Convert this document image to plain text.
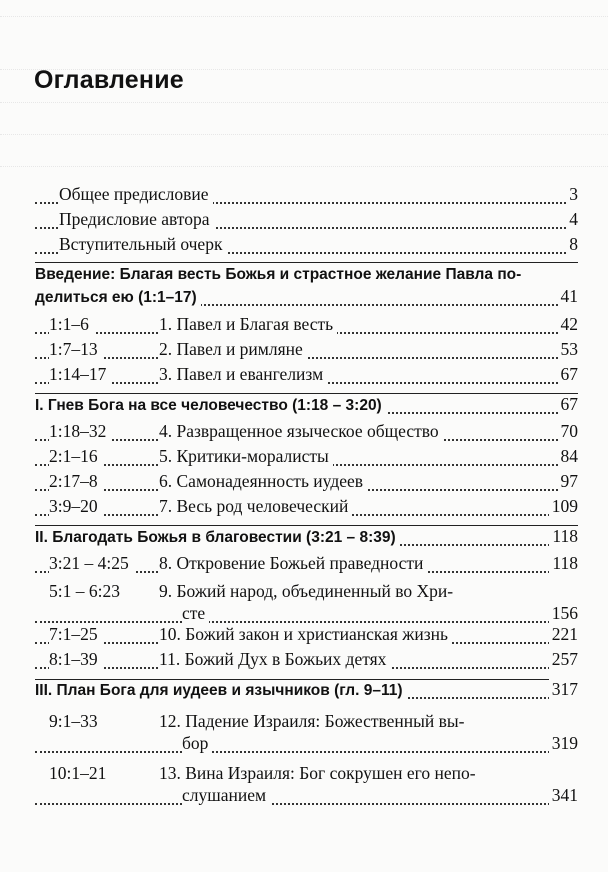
Оглавление
Общее предисловие	3
Предисловие автора	4
Вступительный очерк	8
Введение: Благая весть Божья и страстное желание Павла по-
делиться ею (1:1–17)	41
1:1–6	1. Павел и Благая весть	42
1:7–13	2. Павел и римляне	53
1:14–17	3. Павел и евангелизм	67
I. Гнев Бога на все человечество (1:18 – 3:20)	67
1:18–32	4. Развращенное языческое общество	70
2:1–16	5. Критики-моралисты	84
2:17–8	6. Самонадеянность иудеев	97
3:9–20	7. Весь род человеческий	109
II. Благодать Божья в благовестии (3:21 – 8:39)	118
3:21 – 4:25	8. Откровение Божьей праведности	118
5:1 – 6:23 9. Божий народ, объединенный во Хри-
сте	156
7:1–25	10. Божий закон и христианская жизнь	221
8:1–39	11. Божий Дух в Божьих детях	257
III. План Бога для иудеев и язычников (гл. 9–11)	317
9:1–33	12. Падение Израиля: Божественный вы-
бор	319
10:1–21	13. Вина Израиля: Бог сокрушен его непо-
слушанием	341
